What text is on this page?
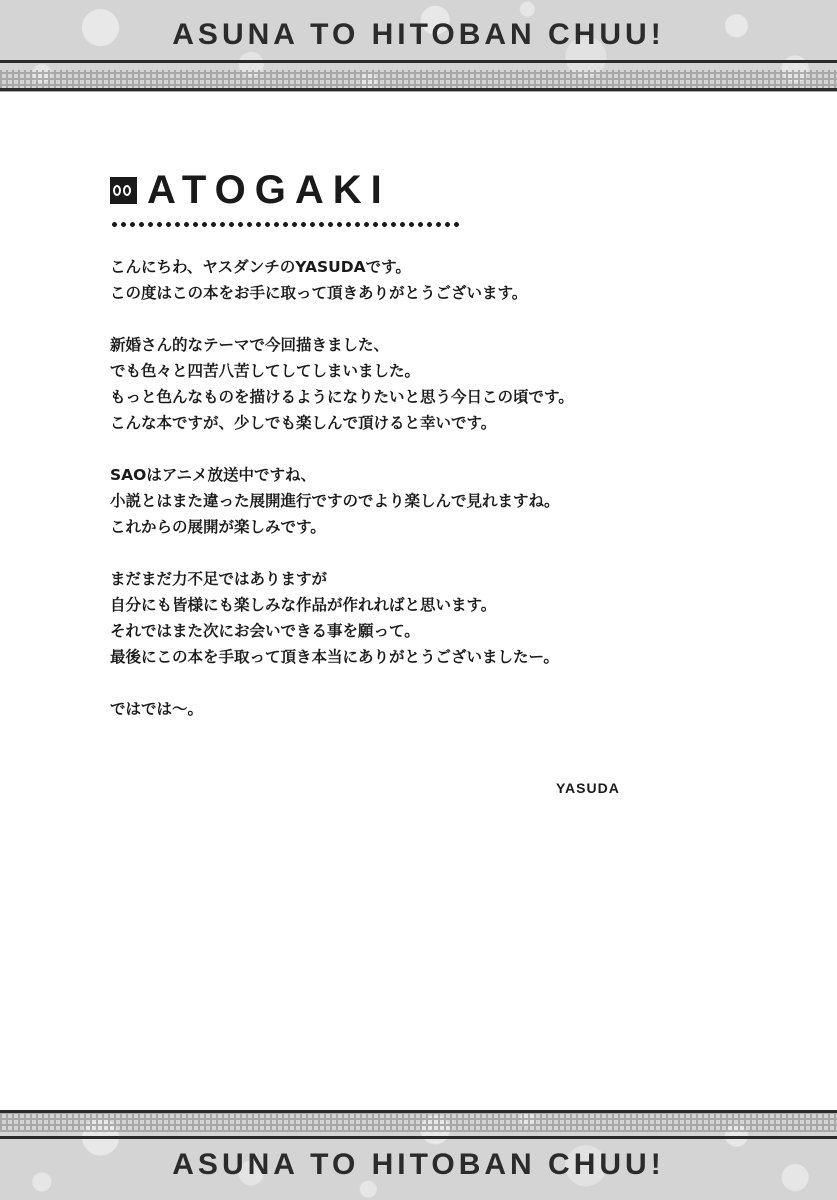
ASUNA TO HITOBAN CHUU!
ATOGAKI
こんにちわ、ヤスダンチのYASUDAです。
この度はこの本をお手に取って頂きありがとうございます。
新婚さん的なテーマで今回描きました、
でも色々と四苦八苦してしてしまいました。
もっと色んなものを描けるようになりたいと思う今日この頃です。
こんな本ですが、少しでも楽しんで頂けると幸いです。
SAOはアニメ放送中ですね、
小説とはまた違った展開進行ですのでより楽しんで見れますね。
これからの展開が楽しみです。
まだまだ力不足ではありますが
自分にも皆様にも楽しみな作品が作れればと思います。
それではまた次にお会いできる事を願って。
最後にこの本を手取って頂き本当にありがとうございましたー。
ではでは〜。
YASUDA
ASUNA TO HITOBAN CHUU!
